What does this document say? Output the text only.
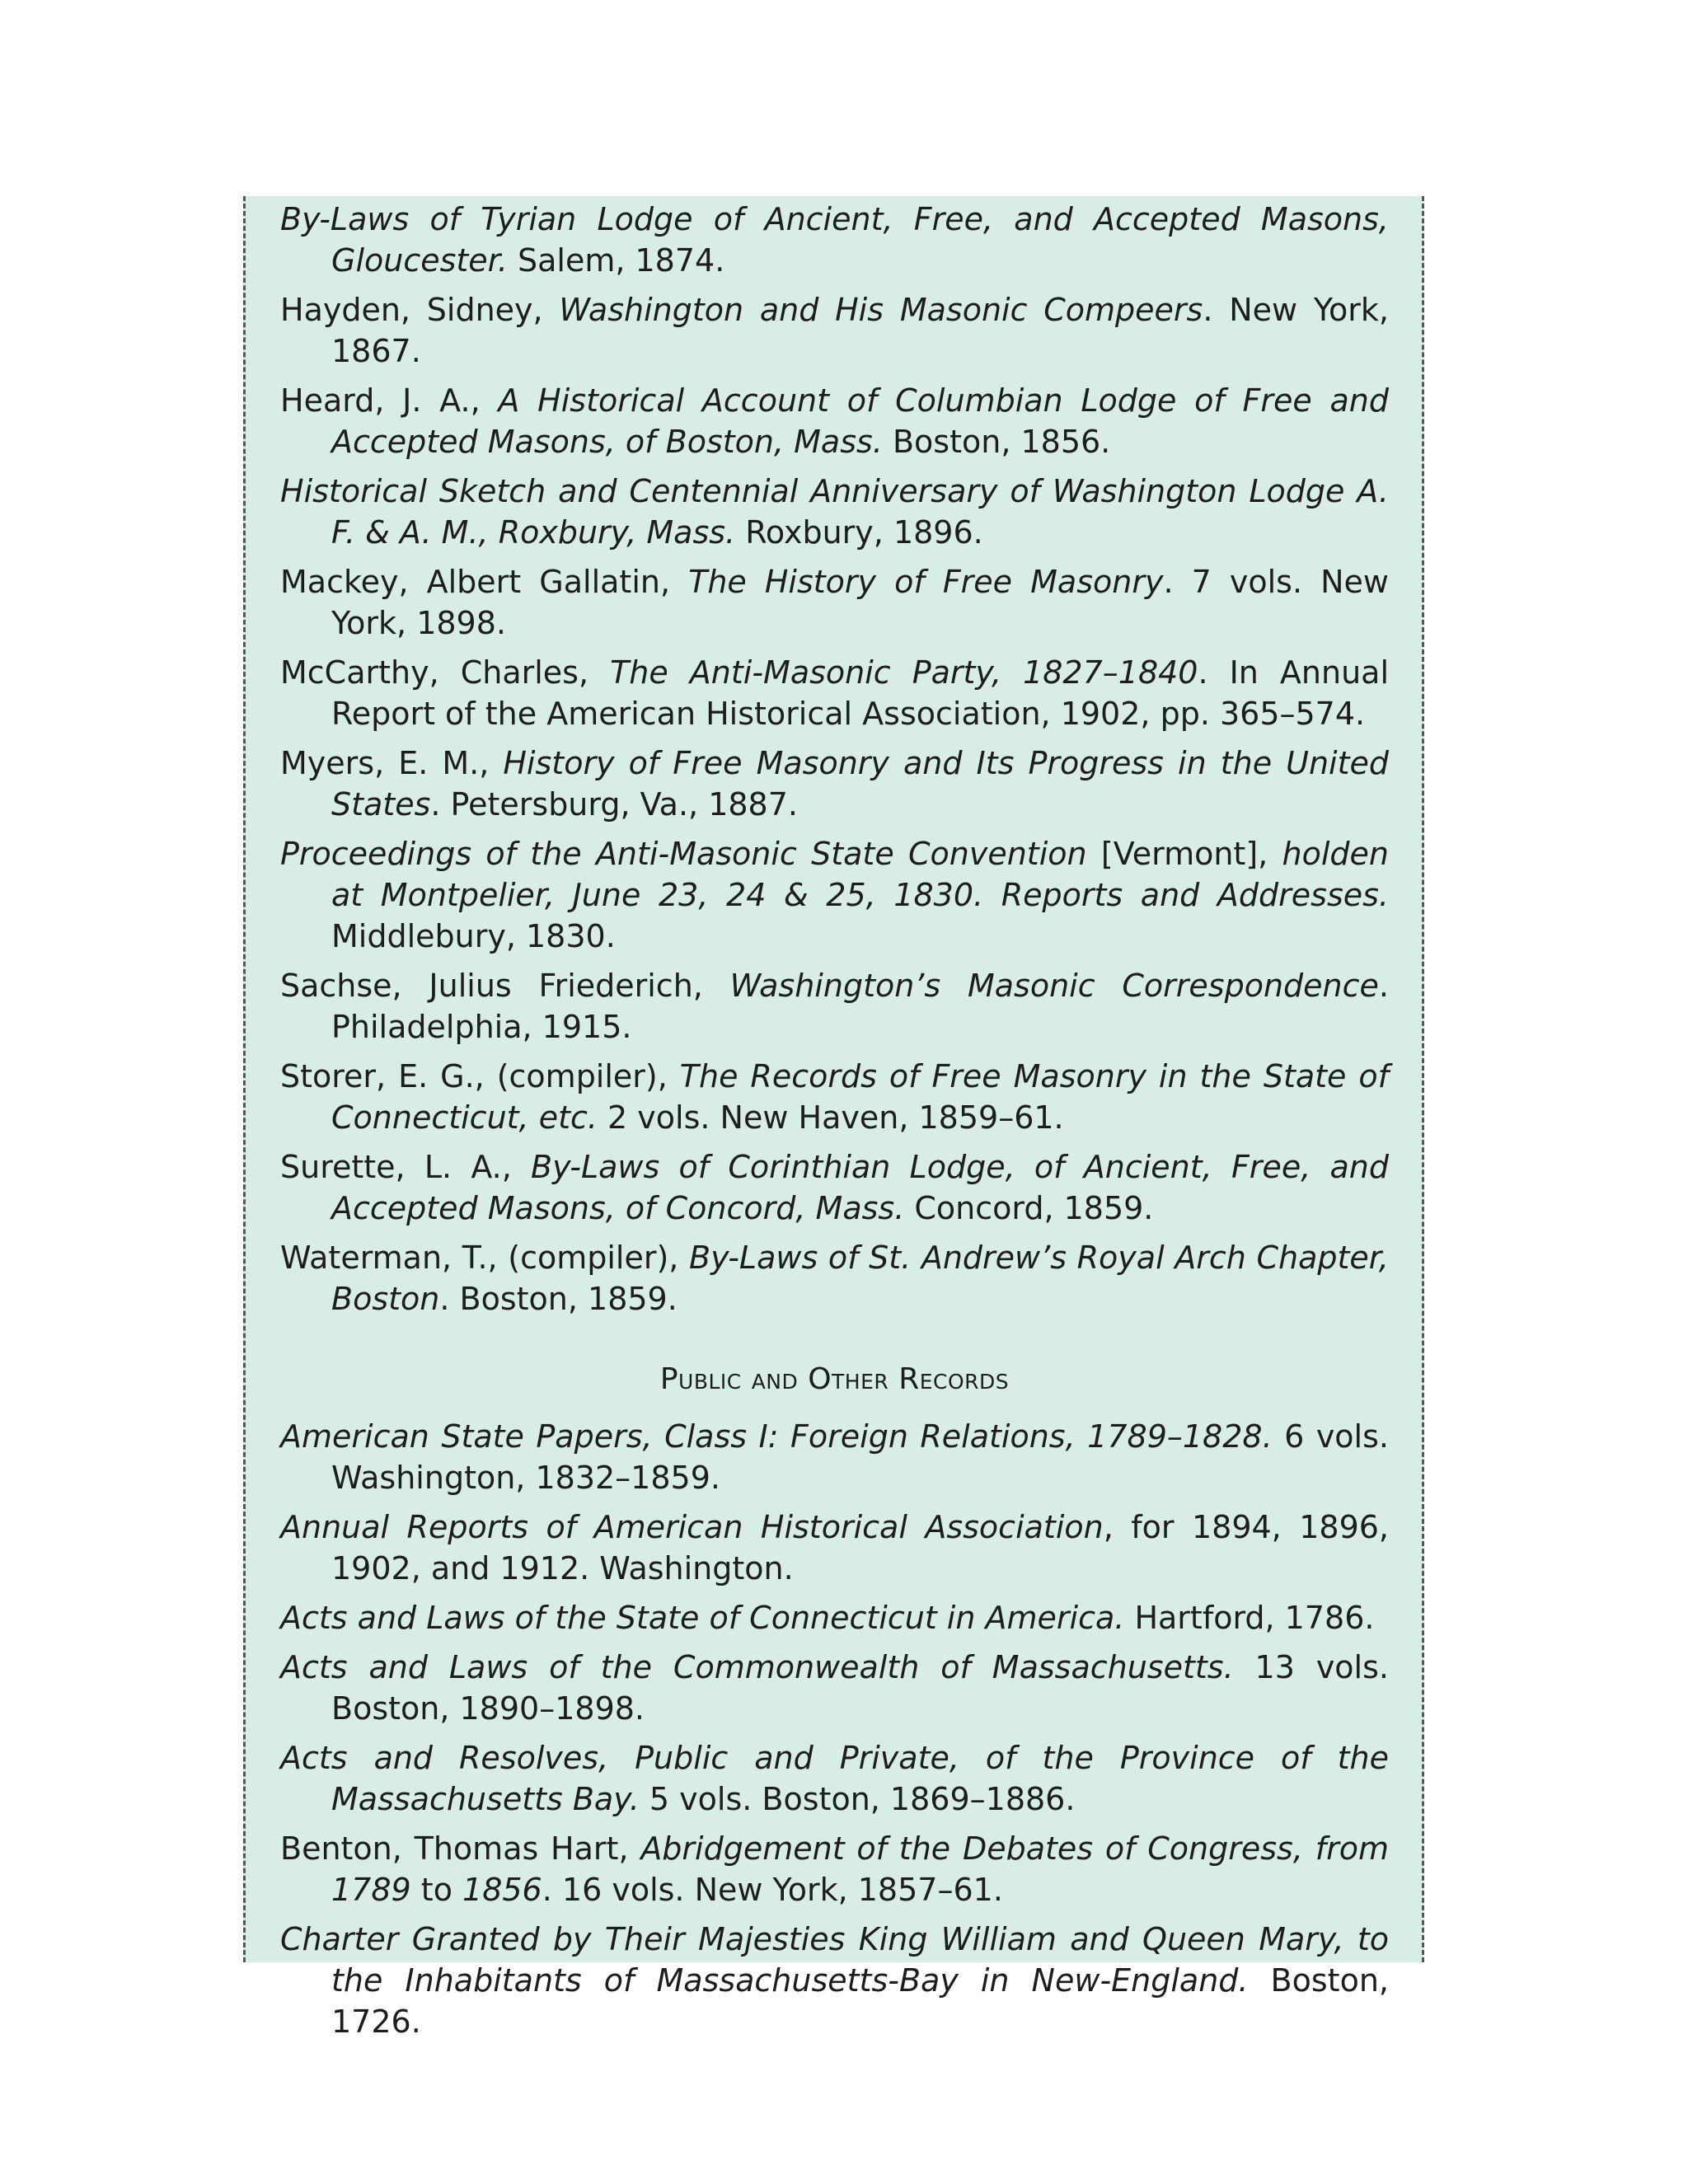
By-Laws of Tyrian Lodge of Ancient, Free, and Accepted Masons, Gloucester. Salem, 1874.
Hayden, Sidney, Washington and His Masonic Compeers. New York, 1867.
Heard, J. A., A Historical Account of Columbian Lodge of Free and Accepted Masons, of Boston, Mass. Boston, 1856.
Historical Sketch and Centennial Anniversary of Washington Lodge A. F. & A. M., Roxbury, Mass. Roxbury, 1896.
Mackey, Albert Gallatin, The History of Free Masonry. 7 vols. New York, 1898.
McCarthy, Charles, The Anti-Masonic Party, 1827–1840. In Annual Report of the American Historical Association, 1902, pp. 365–574.
Myers, E. M., History of Free Masonry and Its Progress in the United States. Petersburg, Va., 1887.
Proceedings of the Anti-Masonic State Convention [Vermont], holden at Montpelier, June 23, 24 & 25, 1830. Reports and Addresses. Middlebury, 1830.
Sachse, Julius Friederich, Washington’s Masonic Correspondence. Philadelphia, 1915.
Storer, E. G., (compiler), The Records of Free Masonry in the State of Connecticut, etc. 2 vols. New Haven, 1859–61.
Surette, L. A., By-Laws of Corinthian Lodge, of Ancient, Free, and Accepted Masons, of Concord, Mass. Concord, 1859.
Waterman, T., (compiler), By-Laws of St. Andrew’s Royal Arch Chapter, Boston. Boston, 1859.
Public and Other Records
American State Papers, Class I: Foreign Relations, 1789–1828. 6 vols. Washington, 1832–1859.
Annual Reports of American Historical Association, for 1894, 1896, 1902, and 1912. Washington.
Acts and Laws of the State of Connecticut in America. Hartford, 1786.
Acts and Laws of the Commonwealth of Massachusetts. 13 vols. Boston, 1890–1898.
Acts and Resolves, Public and Private, of the Province of the Massachusetts Bay. 5 vols. Boston, 1869–1886.
Benton, Thomas Hart, Abridgement of the Debates of Congress, from 1789 to 1856. 16 vols. New York, 1857–61.
Charter Granted by Their Majesties King William and Queen Mary, to the Inhabitants of Massachusetts-Bay in New-England. Boston, 1726.
